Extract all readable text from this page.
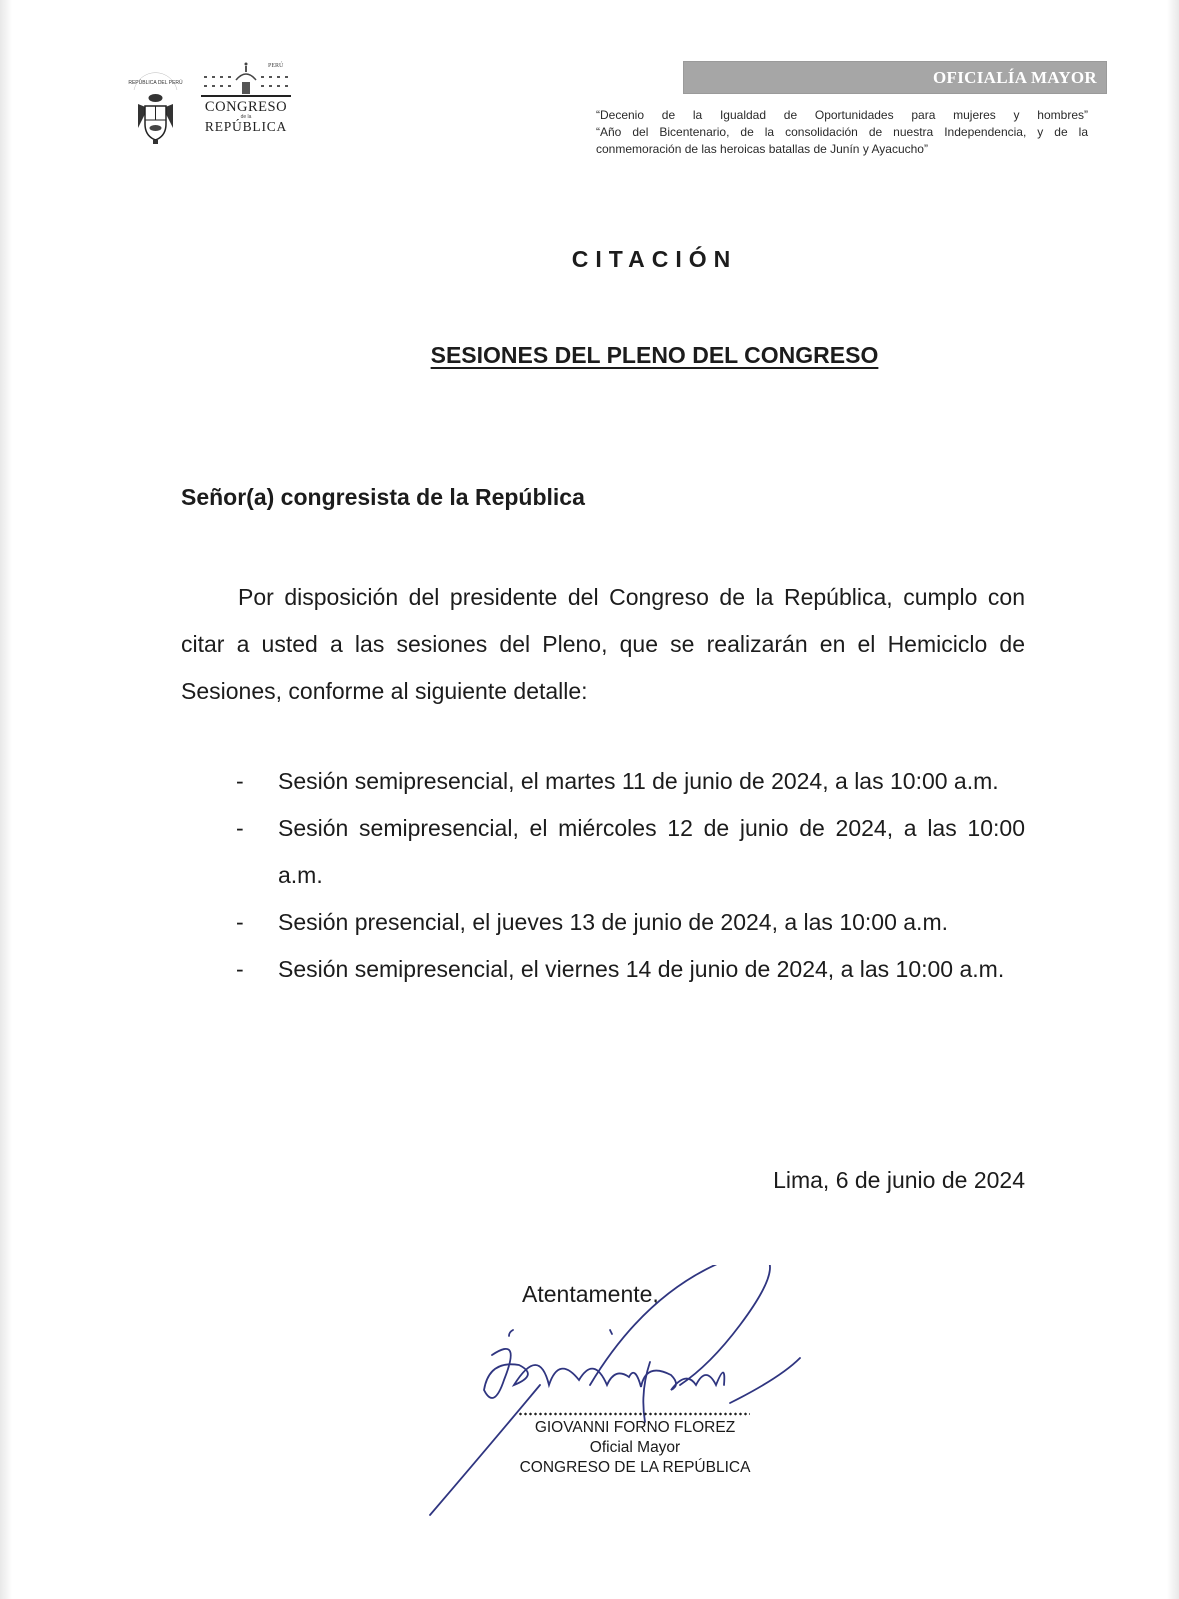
REPÚBLICA DEL PERÚ
PERÚ
CONGRESO
de la
REPÚBLICA
OFICIALÍA MAYOR

“Decenio de la Igualdad de Oportunidades para mujeres y hombres”

“Año del Bicentenario, de la consolidación de nuestra Independencia, y de la

conmemoración de las heroicas batallas de Junín y Ayacucho”

CITACIÓN
SESIONES DEL PLENO DEL CONGRESO
Señor(a) congresista de la República

Por disposición del presidente del Congreso de la República, cumplo con citar a usted a las sesiones del Pleno, que se realizarán en el Hemiciclo de Sesiones, conforme al siguiente detalle:

- Sesión semipresencial, el martes 11 de junio de 2024, a las 10:00 a.m.
- Sesión semipresencial, el miércoles 12 de junio de 2024, a las 10:00 a.m.
- Sesión presencial, el jueves 13 de junio de 2024, a las 10:00 a.m.
- Sesión semipresencial, el viernes 14 de junio de 2024, a las 10:00 a.m.
Lima, 6 de junio de 2024
Atentamente,
GIOVANNI FORNO FLOREZ
Oficial Mayor
CONGRESO DE LA REPÚBLICA
